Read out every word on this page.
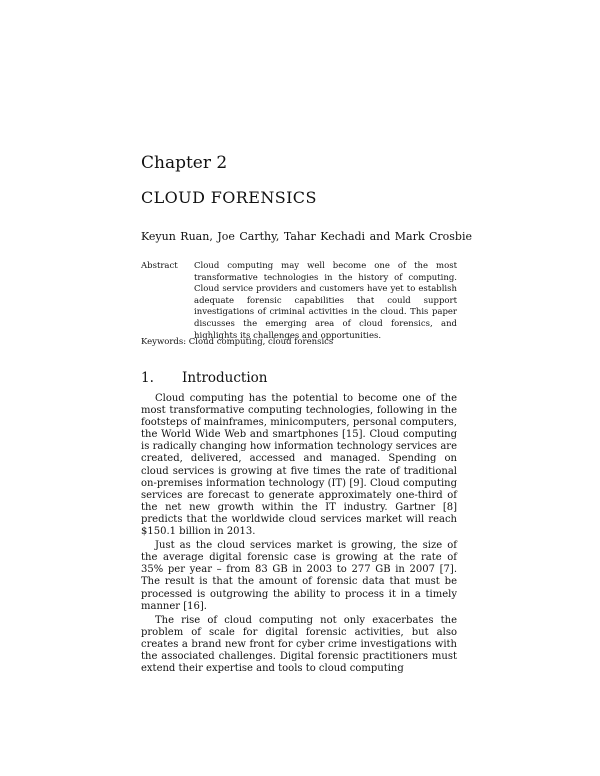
Chapter 2
CLOUD FORENSICS
Keyun Ruan, Joe Carthy, Tahar Kechadi and Mark Crosbie
Abstract Cloud computing may well become one of the most transformative technologies in the history of computing. Cloud service providers and customers have yet to establish adequate forensic capabilities that could support investigations of criminal activities in the cloud. This paper discusses the emerging area of cloud forensics, and highlights its challenges and opportunities.

Keywords: Cloud computing, cloud forensics
1. Introduction

Cloud computing has the potential to become one of the most transformative computing technologies, following in the footsteps of mainframes, minicomputers, personal computers, the World Wide Web and smartphones [15]. Cloud computing is radically changing how information technology services are created, delivered, accessed and managed. Spending on cloud services is growing at five times the rate of traditional on-premises information technology (IT) [9]. Cloud computing services are forecast to generate approximately one-third of the net new growth within the IT industry. Gartner [8] predicts that the worldwide cloud services market will reach $150.1 billion in 2013.

Just as the cloud services market is growing, the size of the average digital forensic case is growing at the rate of 35% per year – from 83 GB in 2003 to 277 GB in 2007 [7]. The result is that the amount of forensic data that must be processed is outgrowing the ability to process it in a timely manner [16].

The rise of cloud computing not only exacerbates the problem of scale for digital forensic activities, but also creates a brand new front for cyber crime investigations with the associated challenges. Digital forensic practitioners must extend their expertise and tools to cloud computing
